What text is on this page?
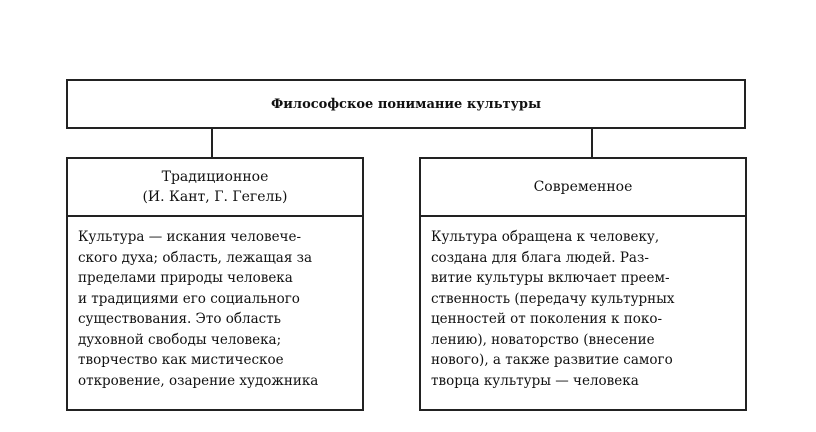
Философское понимание культуры
Традиционное
(И. Кант, Г. Гегель)
Культура — искания человече-
ского духа; область, лежащая за
пределами природы человека
и традициями его социального
существования. Это область
духовной свободы человека;
творчество как мистическое
откровение, озарение художника
Современное
Культура обращена к человеку,
создана для блага людей. Раз-
витие культуры включает преем-
ственность (передачу культурных
ценностей от поколения к поко-
лению), новаторство (внесение
нового), а также развитие самого
творца культуры — человека
